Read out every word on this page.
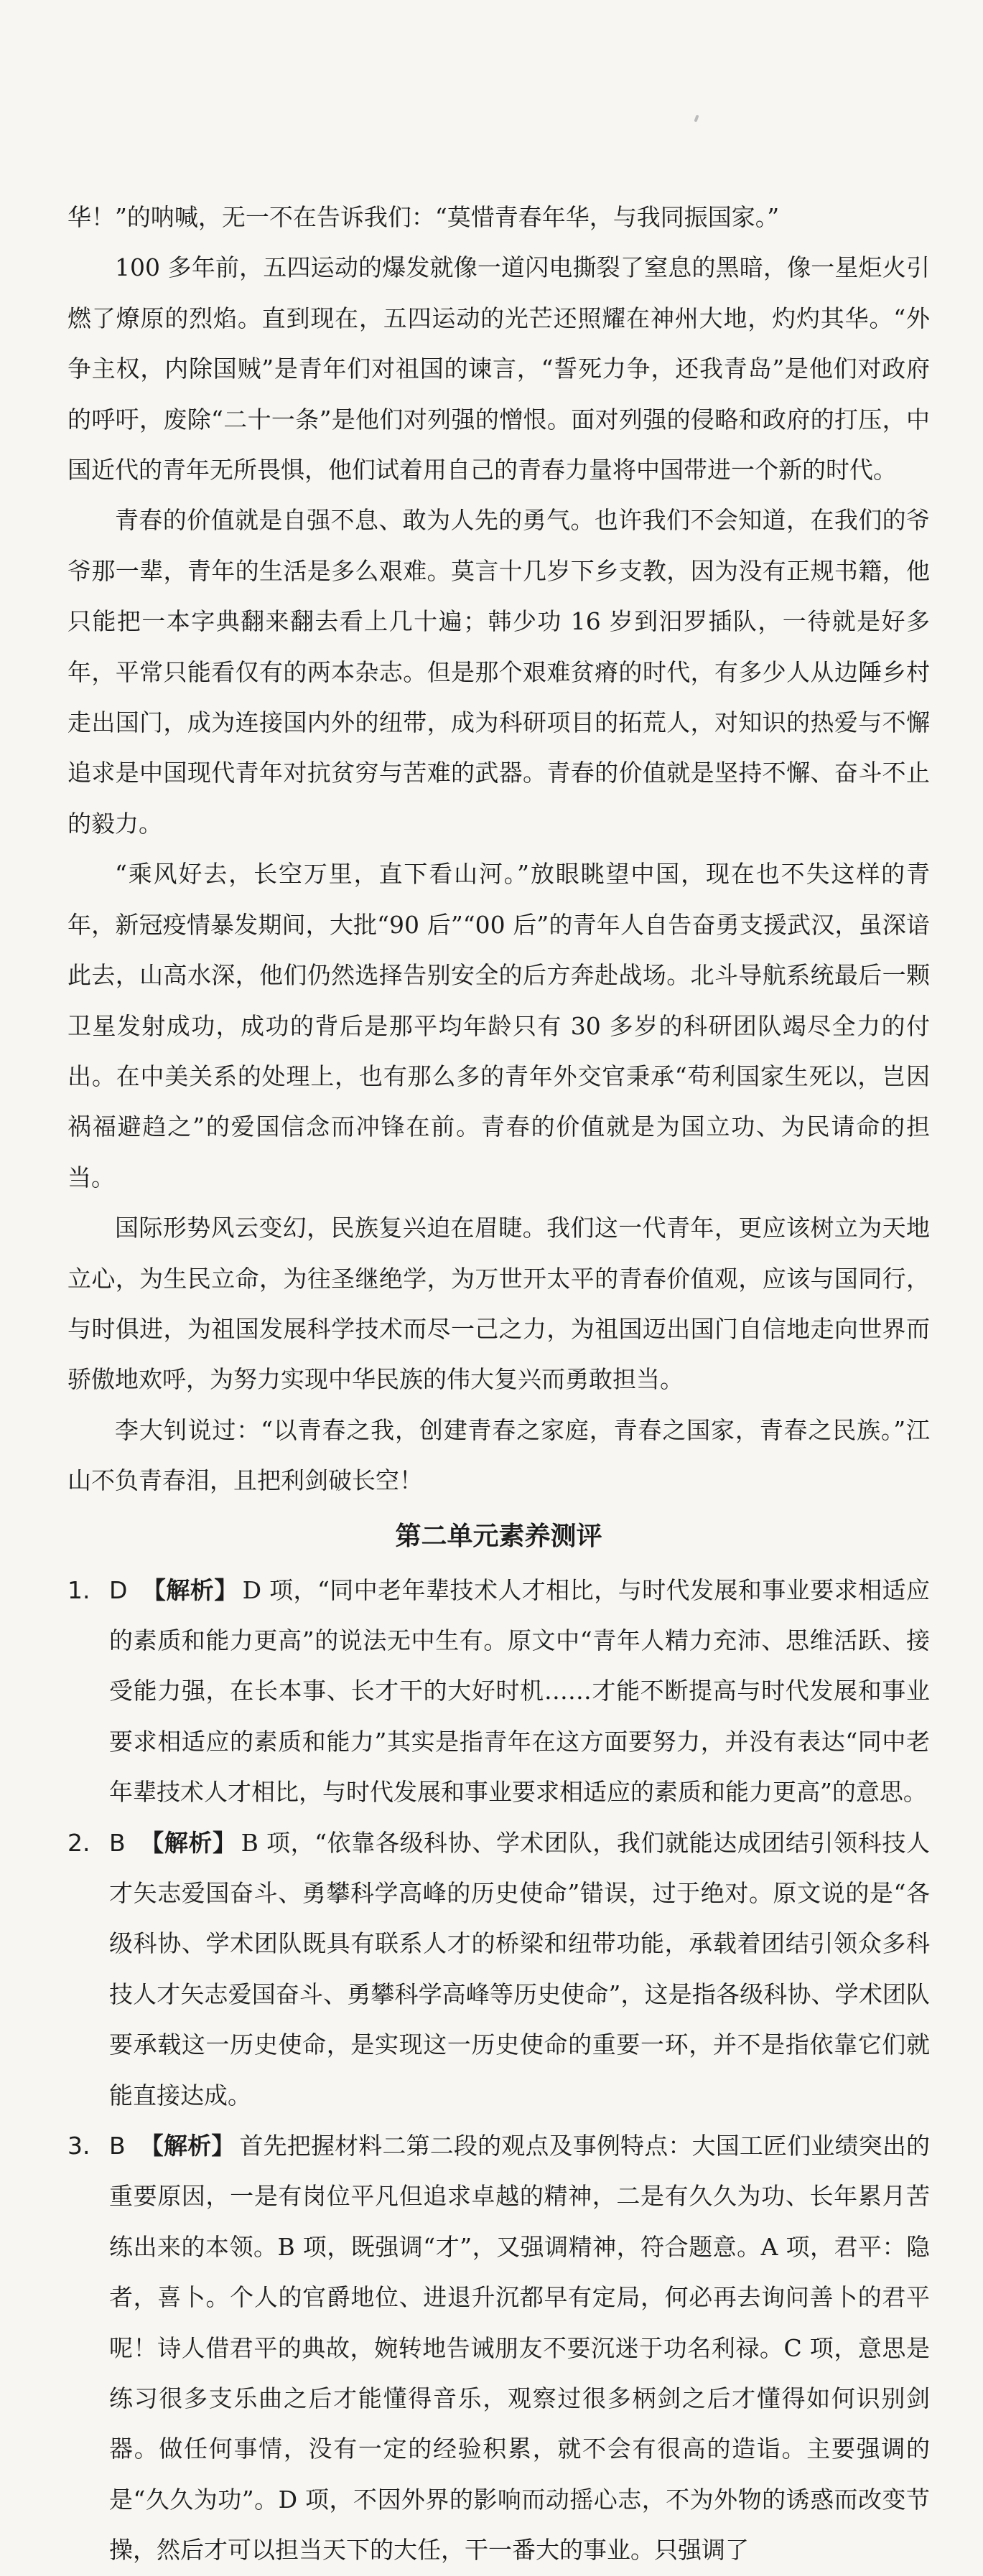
华！”的呐喊，无一不在告诉我们：“莫惜青春年华，与我同振国家。”

100 多年前，五四运动的爆发就像一道闪电撕裂了窒息的黑暗，像一星炬火引燃了燎原的烈焰。直到现在，五四运动的光芒还照耀在神州大地，灼灼其华。“外争主权，内除国贼”是青年们对祖国的谏言，“誓死力争，还我青岛”是他们对政府的呼吁，废除“二十一条”是他们对列强的憎恨。面对列强的侵略和政府的打压，中国近代的青年无所畏惧，他们试着用自己的青春力量将中国带进一个新的时代。

青春的价值就是自强不息、敢为人先的勇气。也许我们不会知道，在我们的爷爷那一辈，青年的生活是多么艰难。莫言十几岁下乡支教，因为没有正规书籍，他只能把一本字典翻来翻去看上几十遍；韩少功 16 岁到汨罗插队，一待就是好多年，平常只能看仅有的两本杂志。但是那个艰难贫瘠的时代，有多少人从边陲乡村走出国门，成为连接国内外的纽带，成为科研项目的拓荒人，对知识的热爱与不懈追求是中国现代青年对抗贫穷与苦难的武器。青春的价值就是坚持不懈、奋斗不止的毅力。

“乘风好去，长空万里，直下看山河。”放眼眺望中国，现在也不失这样的青年，新冠疫情暴发期间，大批“90 后”“00 后”的青年人自告奋勇支援武汉，虽深谙此去，山高水深，他们仍然选择告别安全的后方奔赴战场。北斗导航系统最后一颗卫星发射成功，成功的背后是那平均年龄只有 30 多岁的科研团队竭尽全力的付出。在中美关系的处理上，也有那么多的青年外交官秉承“苟利国家生死以，岂因祸福避趋之”的爱国信念而冲锋在前。青春的价值就是为国立功、为民请命的担当。

国际形势风云变幻，民族复兴迫在眉睫。我们这一代青年，更应该树立为天地立心，为生民立命，为往圣继绝学，为万世开太平的青春价值观，应该与国同行，与时俱进，为祖国发展科学技术而尽一己之力，为祖国迈出国门自信地走向世界而骄傲地欢呼，为努力实现中华民族的伟大复兴而勇敢担当。

李大钊说过：“以青春之我，创建青春之家庭，青春之国家，青春之民族。”江山不负青春泪，且把利剑破长空！

第二单元素养测评
1. D 【解析】 D 项，“同中老年辈技术人才相比，与时代发展和事业要求相适应的素质和能力更高”的说法无中生有。原文中“青年人精力充沛、思维活跃、接受能力强，在长本事、长才干的大好时机……才能不断提高与时代发展和事业要求相适应的素质和能力”其实是指青年在这方面要努力，并没有表达“同中老年辈技术人才相比，与时代发展和事业要求相适应的素质和能力更高”的意思。
2. B 【解析】 B 项，“依靠各级科协、学术团队，我们就能达成团结引领科技人才矢志爱国奋斗、勇攀科学高峰的历史使命”错误，过于绝对。原文说的是“各级科协、学术团队既具有联系人才的桥梁和纽带功能，承载着团结引领众多科技人才矢志爱国奋斗、勇攀科学高峰等历史使命”，这是指各级科协、学术团队要承载这一历史使命，是实现这一历史使命的重要一环，并不是指依靠它们就能直接达成。
3. B 【解析】 首先把握材料二第二段的观点及事例特点：大国工匠们业绩突出的重要原因，一是有岗位平凡但追求卓越的精神，二是有久久为功、长年累月苦练出来的本领。B 项，既强调“才”，又强调精神，符合题意。A 项，君平：隐者，喜卜。个人的官爵地位、进退升沉都早有定局，何必再去询问善卜的君平呢！诗人借君平的典故，婉转地告诫朋友不要沉迷于功名利禄。C 项，意思是练习很多支乐曲之后才能懂得音乐，观察过很多柄剑之后才懂得如何识别剑器。做任何事情，没有一定的经验积累，就不会有很高的造诣。主要强调的是“久久为功”。D 项，不因外界的影响而动摇心志，不为外物的诱惑而改变节操，然后才可以担当天下的大任，干一番大的事业。只强调了
